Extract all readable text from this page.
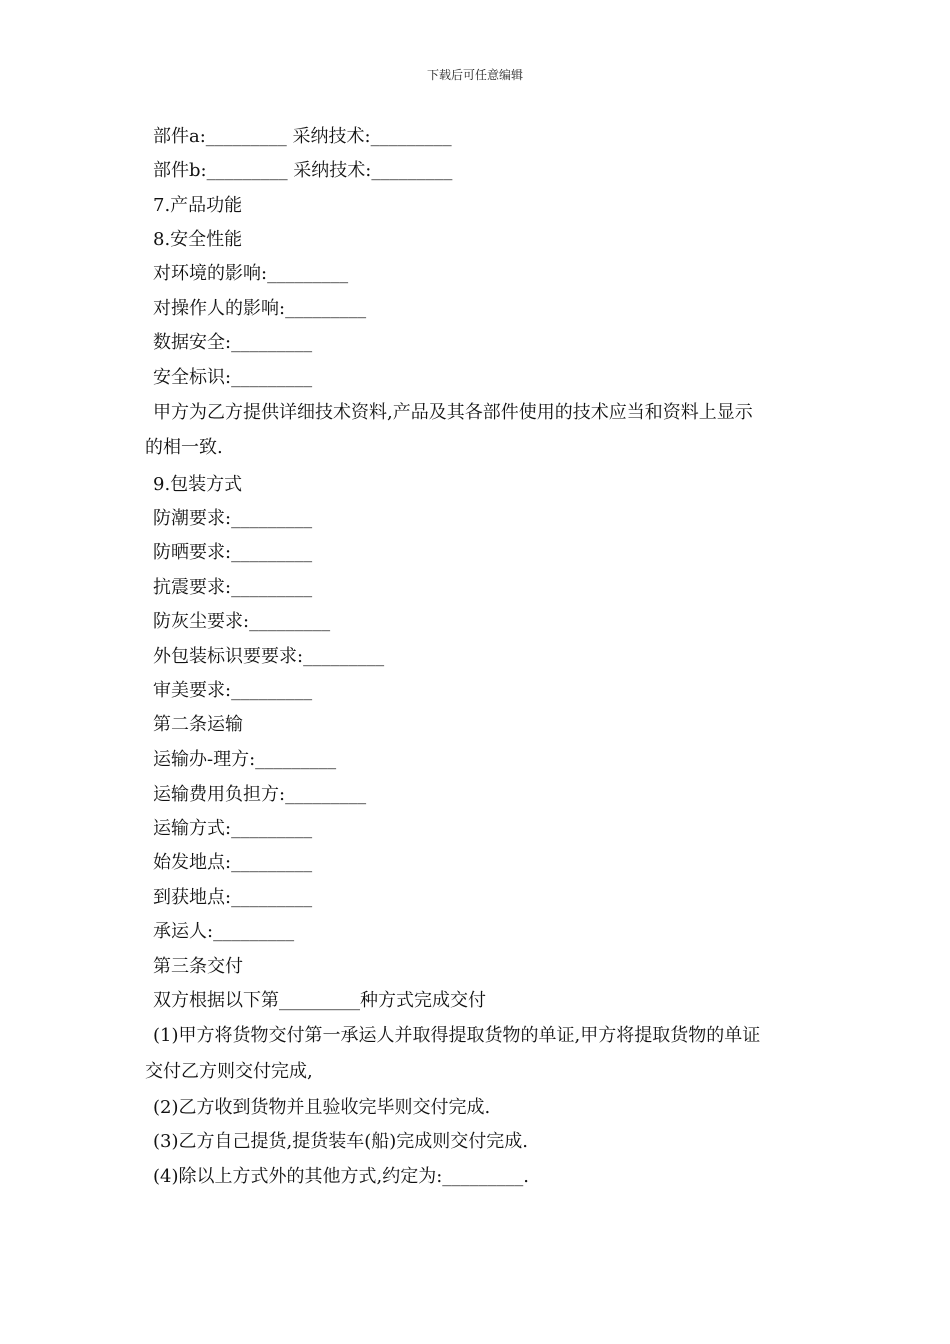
下载后可任意编辑
部件a:_________ 采纳技术:_________
部件b:_________ 采纳技术:_________
7.产品功能
8.安全性能
对环境的影响:_________
对操作人的影响:_________
数据安全:_________
安全标识:_________
甲方为乙方提供详细技术资料,产品及其各部件使用的技术应当和资料上显示
的相一致.
9.包装方式
防潮要求:_________
防晒要求:_________
抗震要求:_________
防灰尘要求:_________
外包装标识要要求:_________
审美要求:_________
第二条运输
运输办-理方:_________
运输费用负担方:_________
运输方式:_________
始发地点:_________
到获地点:_________
承运人:_________
第三条交付
双方根据以下第_________种方式完成交付
(1)甲方将货物交付第一承运人并取得提取货物的单证,甲方将提取货物的单证
交付乙方则交付完成,
(2)乙方收到货物并且验收完毕则交付完成.
(3)乙方自己提货,提货装车(船)完成则交付完成.
(4)除以上方式外的其他方式,约定为:_________.
